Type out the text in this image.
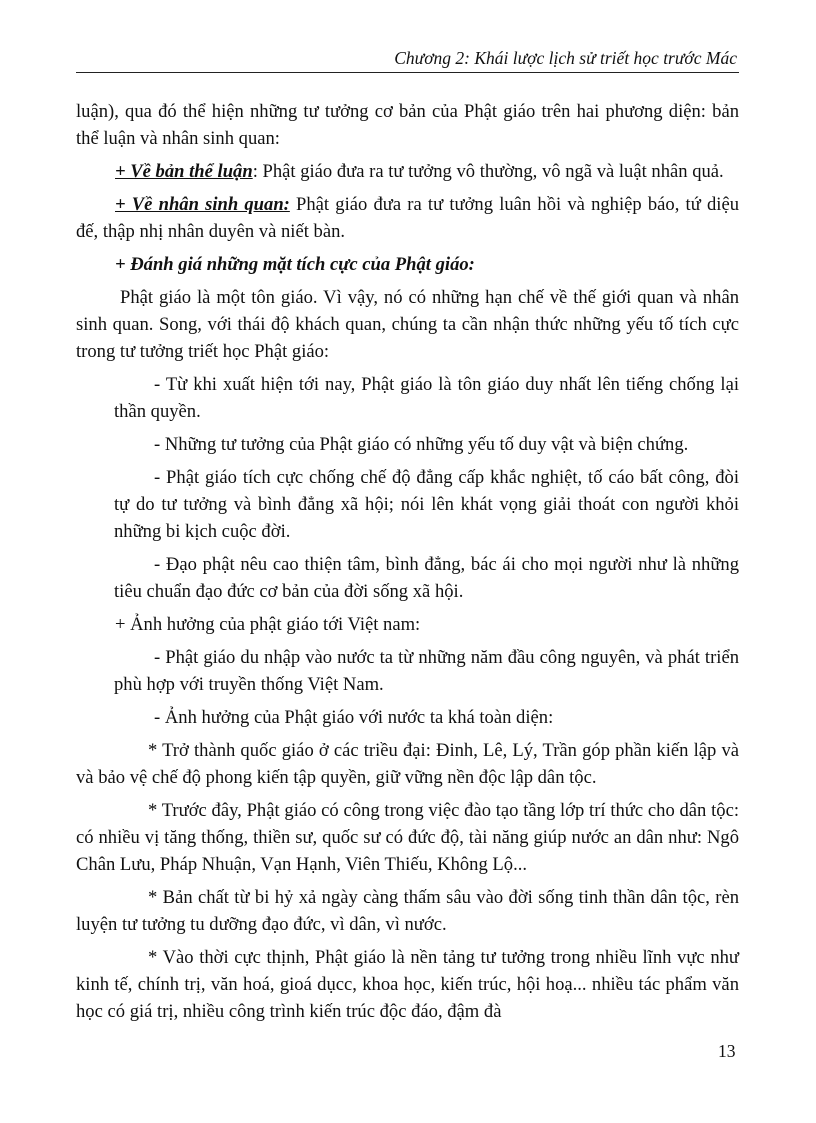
Chương 2: Khái lược lịch sử triết học trước Mác

luận), qua đó thể hiện những tư tưởng cơ bản của Phật giáo trên hai phương diện: bản thể luận và nhân sinh quan:

+ Về bản thể luận: Phật giáo đưa ra tư tưởng vô thường, vô ngã và luật nhân quả.

+ Về nhân sinh quan: Phật giáo đưa ra tư tưởng luân hồi và nghiệp báo, tứ diệu đế, thập nhị nhân duyên và niết bàn.

+ Đánh giá những mặt tích cực của Phật giáo:

Phật giáo là một tôn giáo. Vì vậy, nó có những hạn chế về thế giới quan và nhân sinh quan. Song, với thái độ khách quan, chúng ta cần nhận thức những yếu tố tích cực trong tư tưởng triết học Phật giáo:

- Từ khi xuất hiện tới nay, Phật giáo là tôn giáo duy nhất lên tiếng chống lại thần quyền.

- Những tư tưởng của Phật giáo có những yếu tố duy vật và biện chứng.

- Phật giáo tích cực chống chế độ đẳng cấp khắc nghiệt, tố cáo bất công, đòi tự do tư tưởng và bình đẳng xã hội; nói lên khát vọng giải thoát con người khỏi những bi kịch cuộc đời.

- Đạo phật nêu cao thiện tâm, bình đẳng, bác ái cho mọi người như là những tiêu chuẩn đạo đức cơ bản của đời sống xã hội.

+ Ảnh hưởng của phật giáo tới Việt nam:

- Phật giáo du nhập vào nước ta từ những năm đầu công nguyên, và phát triển phù hợp với truyền thống Việt Nam.

- Ảnh hưởng của Phật giáo với nước ta khá toàn diện:

* Trở thành quốc giáo ở các triều đại: Đinh, Lê, Lý, Trần góp phần kiến lập và và bảo vệ chế độ phong kiến tập quyền, giữ vững nền độc lập dân tộc.

* Trước đây, Phật giáo có công trong việc đào tạo tầng lớp trí thức cho dân tộc: có nhiều vị tăng thống, thiền sư, quốc sư có đức độ, tài năng giúp nước an dân như: Ngô Chân Lưu, Pháp Nhuận, Vạn Hạnh, Viên Thiếu, Không Lộ...

* Bản chất từ bi hỷ xả ngày càng thấm sâu vào đời sống tinh thần dân tộc, rèn luyện tư tưởng tu dưỡng đạo đức, vì dân, vì nước.

* Vào thời cực thịnh, Phật giáo là nền tảng tư tưởng trong nhiều lĩnh vực như kinh tế, chính trị, văn hoá, gioá dụcc, khoa học, kiến trúc, hội hoạ... nhiều tác phẩm văn học có giá trị, nhiều công trình kiến trúc độc đáo, đậm đà

13
